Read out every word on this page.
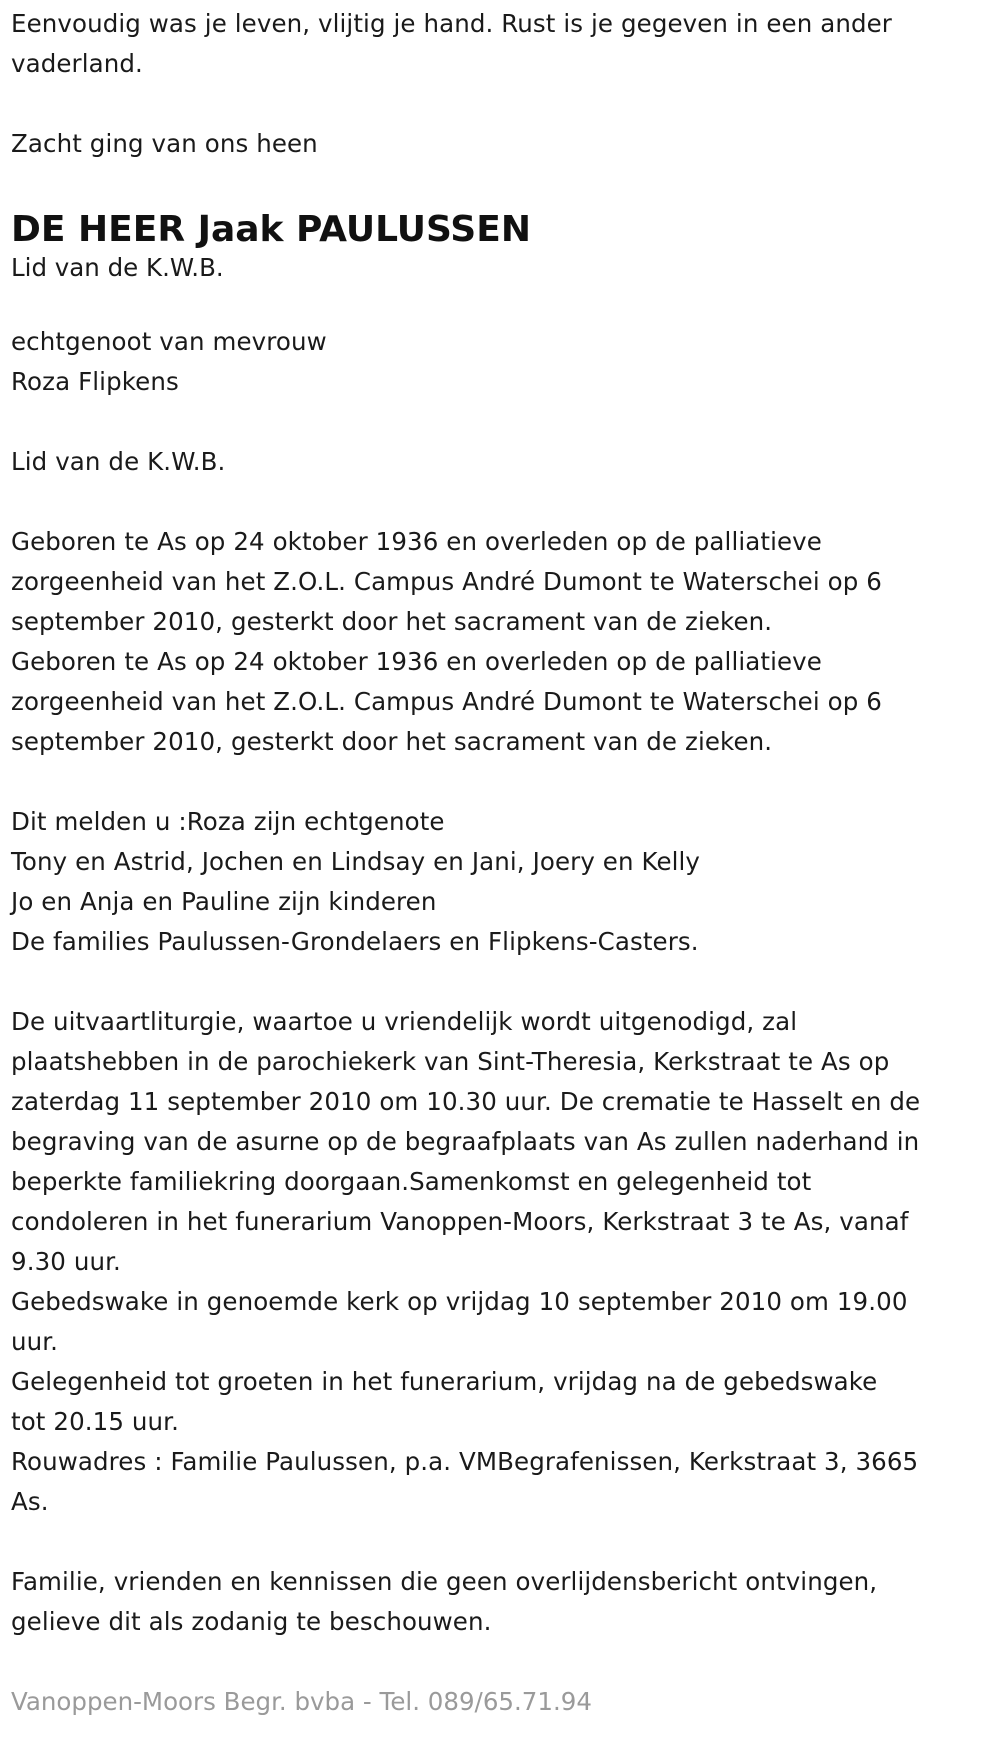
Eenvoudig was je leven, vlijtig je hand. Rust is je gegeven in een ander
vaderland.

Zacht ging van ons heen

DE HEER Jaak PAULUSSEN

Lid van de K.W.B.

echtgenoot van mevrouw
Roza Flipkens

Lid van de K.W.B.

Geboren te As op 24 oktober 1936 en overleden op de palliatieve
zorgeenheid van het Z.O.L. Campus André Dumont te Waterschei op 6
september 2010, gesterkt door het sacrament van de zieken.
Geboren te As op 24 oktober 1936 en overleden op de palliatieve
zorgeenheid van het Z.O.L. Campus André Dumont te Waterschei op 6
september 2010, gesterkt door het sacrament van de zieken.

Dit melden u :Roza zijn echtgenote
Tony en Astrid, Jochen en Lindsay en Jani, Joery en Kelly
Jo en Anja en Pauline zijn kinderen
De families Paulussen-Grondelaers en Flipkens-Casters.

De uitvaartliturgie, waartoe u vriendelijk wordt uitgenodigd, zal
plaatshebben in de parochiekerk van Sint-Theresia, Kerkstraat te As op
zaterdag 11 september 2010 om 10.30 uur. De crematie te Hasselt en de
begraving van de asurne op de begraafplaats van As zullen naderhand in
beperkte familiekring doorgaan.Samenkomst en gelegenheid tot
condoleren in het funerarium Vanoppen-Moors, Kerkstraat 3 te As, vanaf
9.30 uur.
Gebedswake in genoemde kerk op vrijdag 10 september 2010 om 19.00
uur.
Gelegenheid tot groeten in het funerarium, vrijdag na de gebedswake
tot 20.15 uur.
Rouwadres : Familie Paulussen, p.a. VMBegrafenissen, Kerkstraat 3, 3665
As.

Familie, vrienden en kennissen die geen overlijdensbericht ontvingen,
gelieve dit als zodanig te beschouwen.

Vanoppen-Moors Begr. bvba - Tel. 089/65.71.94
